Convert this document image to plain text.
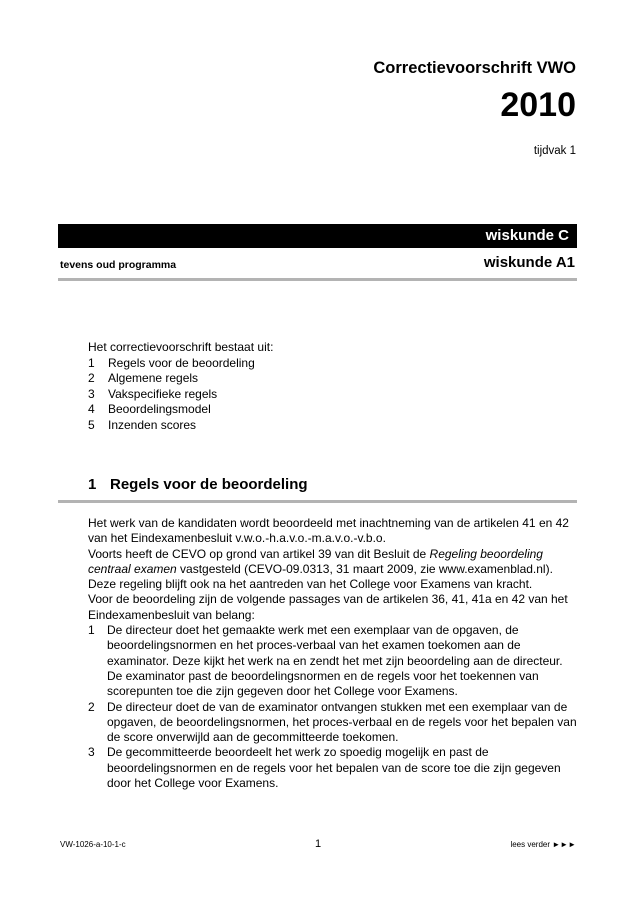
Correctievoorschrift VWO
2010
tijdvak 1
wiskunde C
tevens oud programma	wiskunde A1
Het correctievoorschrift bestaat uit:
1	Regels voor de beoordeling
2	Algemene regels
3	Vakspecifieke regels
4	Beoordelingsmodel
5	Inzenden scores
1 Regels voor de beoordeling

Het werk van de kandidaten wordt beoordeeld met inachtneming van de artikelen 41 en 42 van het Eindexamenbesluit v.w.o.-h.a.v.o.-m.a.v.o.-v.b.o.

Voorts heeft de CEVO op grond van artikel 39 van dit Besluit de Regeling beoordeling centraal examen vastgesteld (CEVO-09.0313, 31 maart 2009, zie www.examenblad.nl).

Deze regeling blijft ook na het aantreden van het College voor Examens van kracht.

Voor de beoordeling zijn de volgende passages van de artikelen 36, 41, 41a en 42 van het Eindexamenbesluit van belang:

1	De directeur doet het gemaakte werk met een exemplaar van de opgaven, de beoordelingsnormen en het proces-verbaal van het examen toekomen aan de examinator. Deze kijkt het werk na en zendt het met zijn beoordeling aan de directeur. De examinator past de beoordelingsnormen en de regels voor het toekennen van scorepunten toe die zijn gegeven door het College voor Examens.
2	De directeur doet de van de examinator ontvangen stukken met een exemplaar van de opgaven, de beoordelingsnormen, het proces-verbaal en de regels voor het bepalen van de score onverwijld aan de gecommitteerde toekomen.
3	De gecommitteerde beoordeelt het werk zo spoedig mogelijk en past de beoordelingsnormen en de regels voor het bepalen van de score toe die zijn gegeven door het College voor Examens.
VW-1026-a-10-1-c	1	lees verder ►►►
